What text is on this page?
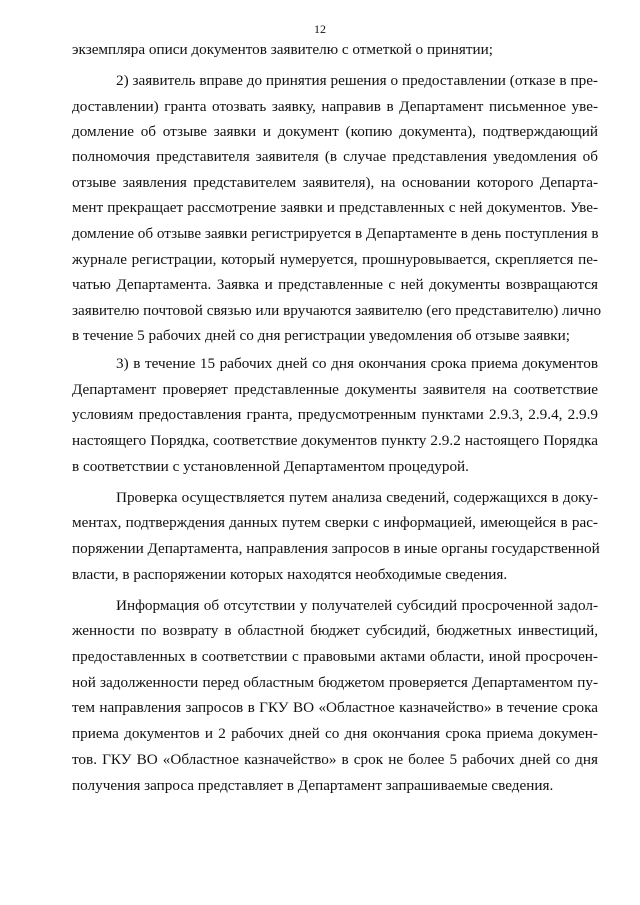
12
экземпляра описи документов заявителю с отметкой о принятии;
2) заявитель вправе до принятия решения о предоставлении (отказе в пре-
доставлении) гранта отозвать заявку, направив в Департамент письменное уве-
домление об отзыве заявки и документ (копию документа), подтверждающий
полномочия представителя заявителя (в случае представления уведомления об
отзыве заявления представителем заявителя), на основании которого Департа-
мент прекращает рассмотрение заявки и представленных с ней документов. Уве-
домление об отзыве заявки регистрируется в Департаменте в день поступления в
журнале регистрации, который нумеруется, прошнуровывается, скрепляется пе-
чатью Департамента. Заявка и представленные с ней документы возвращаются
заявителю почтовой связью или вручаются заявителю (его представителю) лично
в течение 5 рабочих дней со дня регистрации уведомления об отзыве заявки;
3) в течение 15 рабочих дней со дня окончания срока приема документов
Департамент проверяет представленные документы заявителя на соответствие
условиям предоставления гранта, предусмотренным пунктами 2.9.3, 2.9.4, 2.9.9
настоящего Порядка, соответствие документов пункту 2.9.2 настоящего Порядка
в соответствии с установленной Департаментом процедурой.
Проверка осуществляется путем анализа сведений, содержащихся в доку-
ментах, подтверждения данных путем сверки с информацией, имеющейся в рас-
поряжении Департамента, направления запросов в иные органы государственной
власти, в распоряжении которых находятся необходимые сведения.
Информация об отсутствии у получателей субсидий просроченной задол-
женности по возврату в областной бюджет субсидий, бюджетных инвестиций,
предоставленных в соответствии с правовыми актами области, иной просрочен-
ной задолженности перед областным бюджетом проверяется Департаментом пу-
тем направления запросов в ГКУ ВО «Областное казначейство» в течение срока
приема документов и 2 рабочих дней со дня окончания срока приема докумен-
тов. ГКУ ВО «Областное казначейство» в срок не более 5 рабочих дней со дня
получения запроса представляет в Департамент запрашиваемые сведения.
